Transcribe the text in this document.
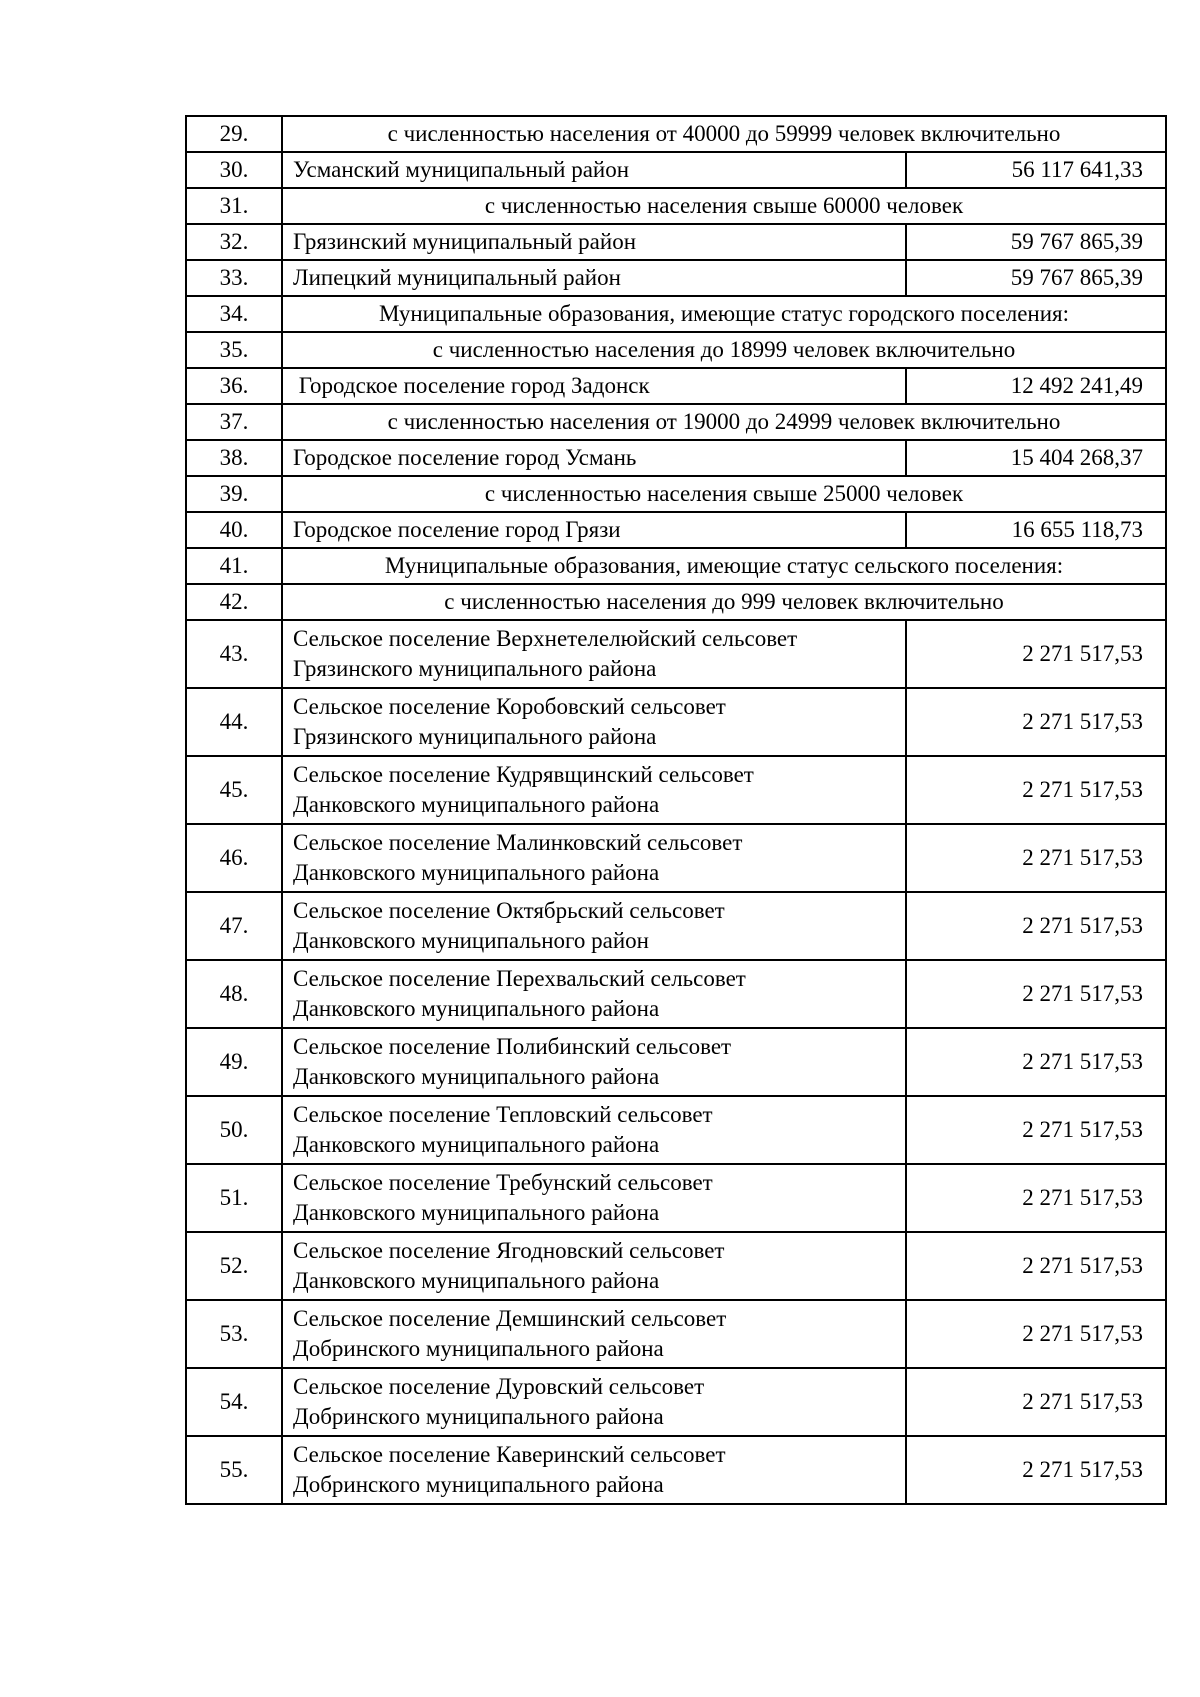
29.	с численностью населения от 40000 до 59999 человек включительно	
30.	Усманский муниципальный район	56 117 641,33
31.	с численностью населения свыше 60000 человек	
32.	Грязинский муниципальный район	59 767 865,39
33.	Липецкий муниципальный район	59 767 865,39
34.	Муниципальные образования, имеющие статус городского поселения:	
35.	с численностью населения до 18999 человек включительно	
36.	Городское поселение город Задонск	12 492 241,49
37.	с численностью населения от 19000 до 24999 человек включительно	
38.	Городское поселение город Усмань	15 404 268,37
39.	с численностью населения свыше 25000 человек	
40.	Городское поселение город Грязи	16 655 118,73
41.	Муниципальные образования, имеющие статус сельского поселения:	
42.	с численностью населения до 999 человек включительно	
43.	Сельское поселение Верхнетелелюйский сельсовет
Грязинского муниципального района	2 271 517,53
44.	Сельское поселение Коробовский сельсовет
Грязинского муниципального района	2 271 517,53
45.	Сельское поселение Кудрявщинский сельсовет
Данковского муниципального района	2 271 517,53
46.	Сельское поселение Малинковский сельсовет
Данковского муниципального района	2 271 517,53
47.	Сельское поселение Октябрьский сельсовет
Данковского муниципального район	2 271 517,53
48.	Сельское поселение Перехвальский сельсовет
Данковского муниципального района	2 271 517,53
49.	Сельское поселение Полибинский сельсовет
Данковского муниципального района	2 271 517,53
50.	Сельское поселение Тепловский сельсовет
Данковского муниципального района	2 271 517,53
51.	Сельское поселение Требунский сельсовет
Данковского муниципального района	2 271 517,53
52.	Сельское поселение Ягодновский сельсовет
Данковского муниципального района	2 271 517,53
53.	Сельское поселение Демшинский сельсовет
Добринского муниципального района	2 271 517,53
54.	Сельское поселение Дуровский сельсовет
Добринского муниципального района	2 271 517,53
55.	Сельское поселение Каверинский сельсовет
Добринского муниципального района	2 271 517,53
